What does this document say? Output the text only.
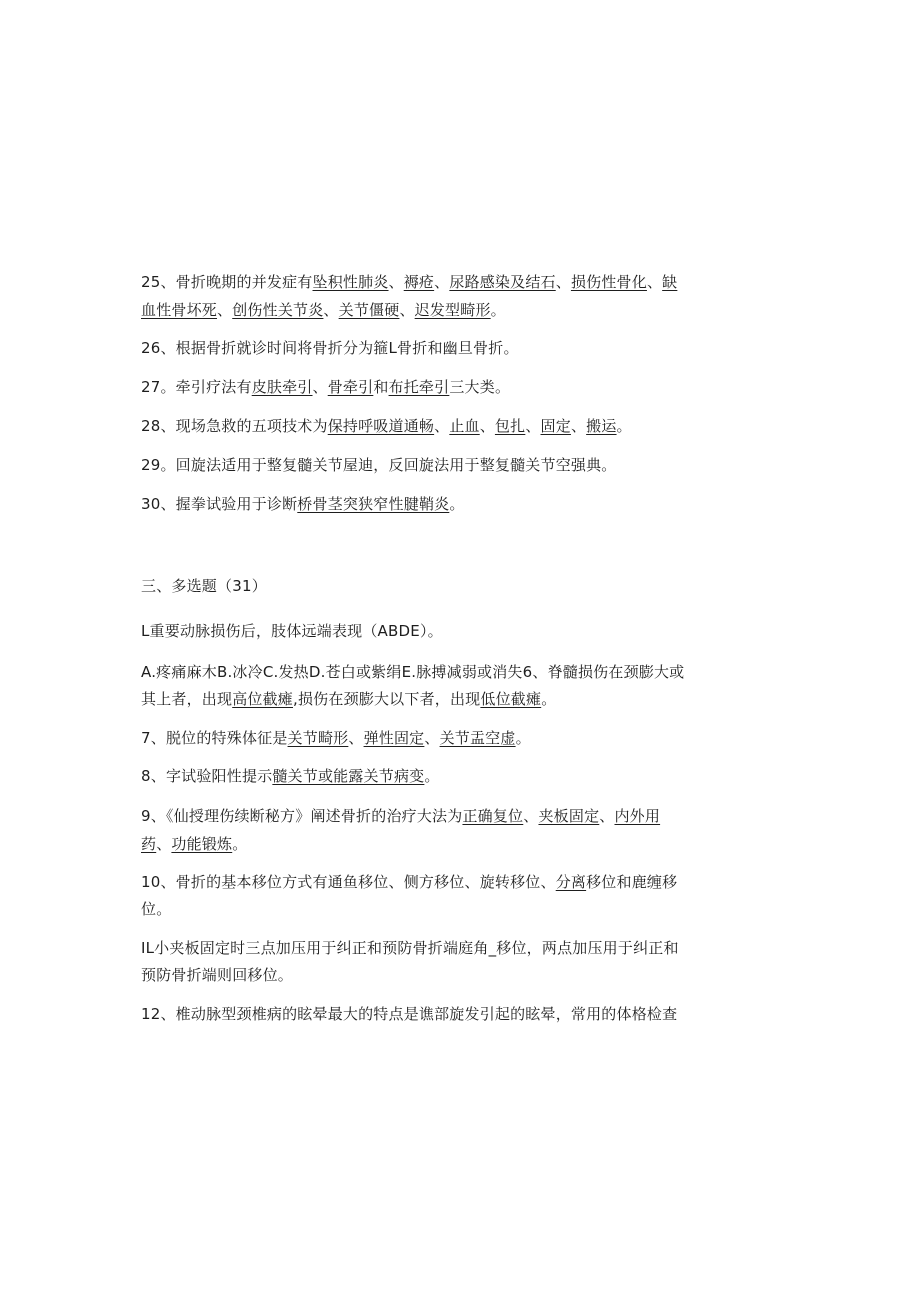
25、骨折晚期的并发症有坠积性肺炎、褥疮、尿路感染及结石、损伤性骨化、缺
血性骨坏死、创伤性关节炎、关节僵硬、迟发型畸形。
26、根据骨折就诊时间将骨折分为箍L骨折和幽旦骨折。
27。牵引疗法有皮肤牵引、骨牵引和布托牵引三大类。
28、现场急救的五项技术为保持呼吸道通畅、止血、包扎、固定、搬运。
29。回旋法适用于整复髓关节屋迪，反回旋法用于整复髓关节空强典。
30、握拳试验用于诊断桥骨茎突狭窄性腱鞘炎。
三、多选题（31）
L重要动脉损伤后，肢体远端表现（ABDE）。
A.疼痛麻木B.冰冷C.发热D.苍白或紫绢E.脉搏减弱或消失6、脊髓损伤在颈膨大或
其上者，出现高位截瘫,损伤在颈膨大以下者，出现低位截瘫。
7、脱位的特殊体征是关节畸形、弹性固定、关节盂空虚。
8、字试验阳性提示髓关节或能露关节病变。
9、《仙授理伤续断秘方》阐述骨折的治疗大法为正确复位、夹板固定、内外用
药、功能锻炼。
10、骨折的基本移位方式有通鱼移位、侧方移位、旋转移位、分离移位和鹿缠移
位。
IL小夹板固定时三点加压用于纠正和预防骨折端庭角_移位，两点加压用于纠正和
预防骨折端则回移位。
12、椎动脉型颈椎病的眩晕最大的特点是谯部旋发引起的眩晕，常用的体格检查
